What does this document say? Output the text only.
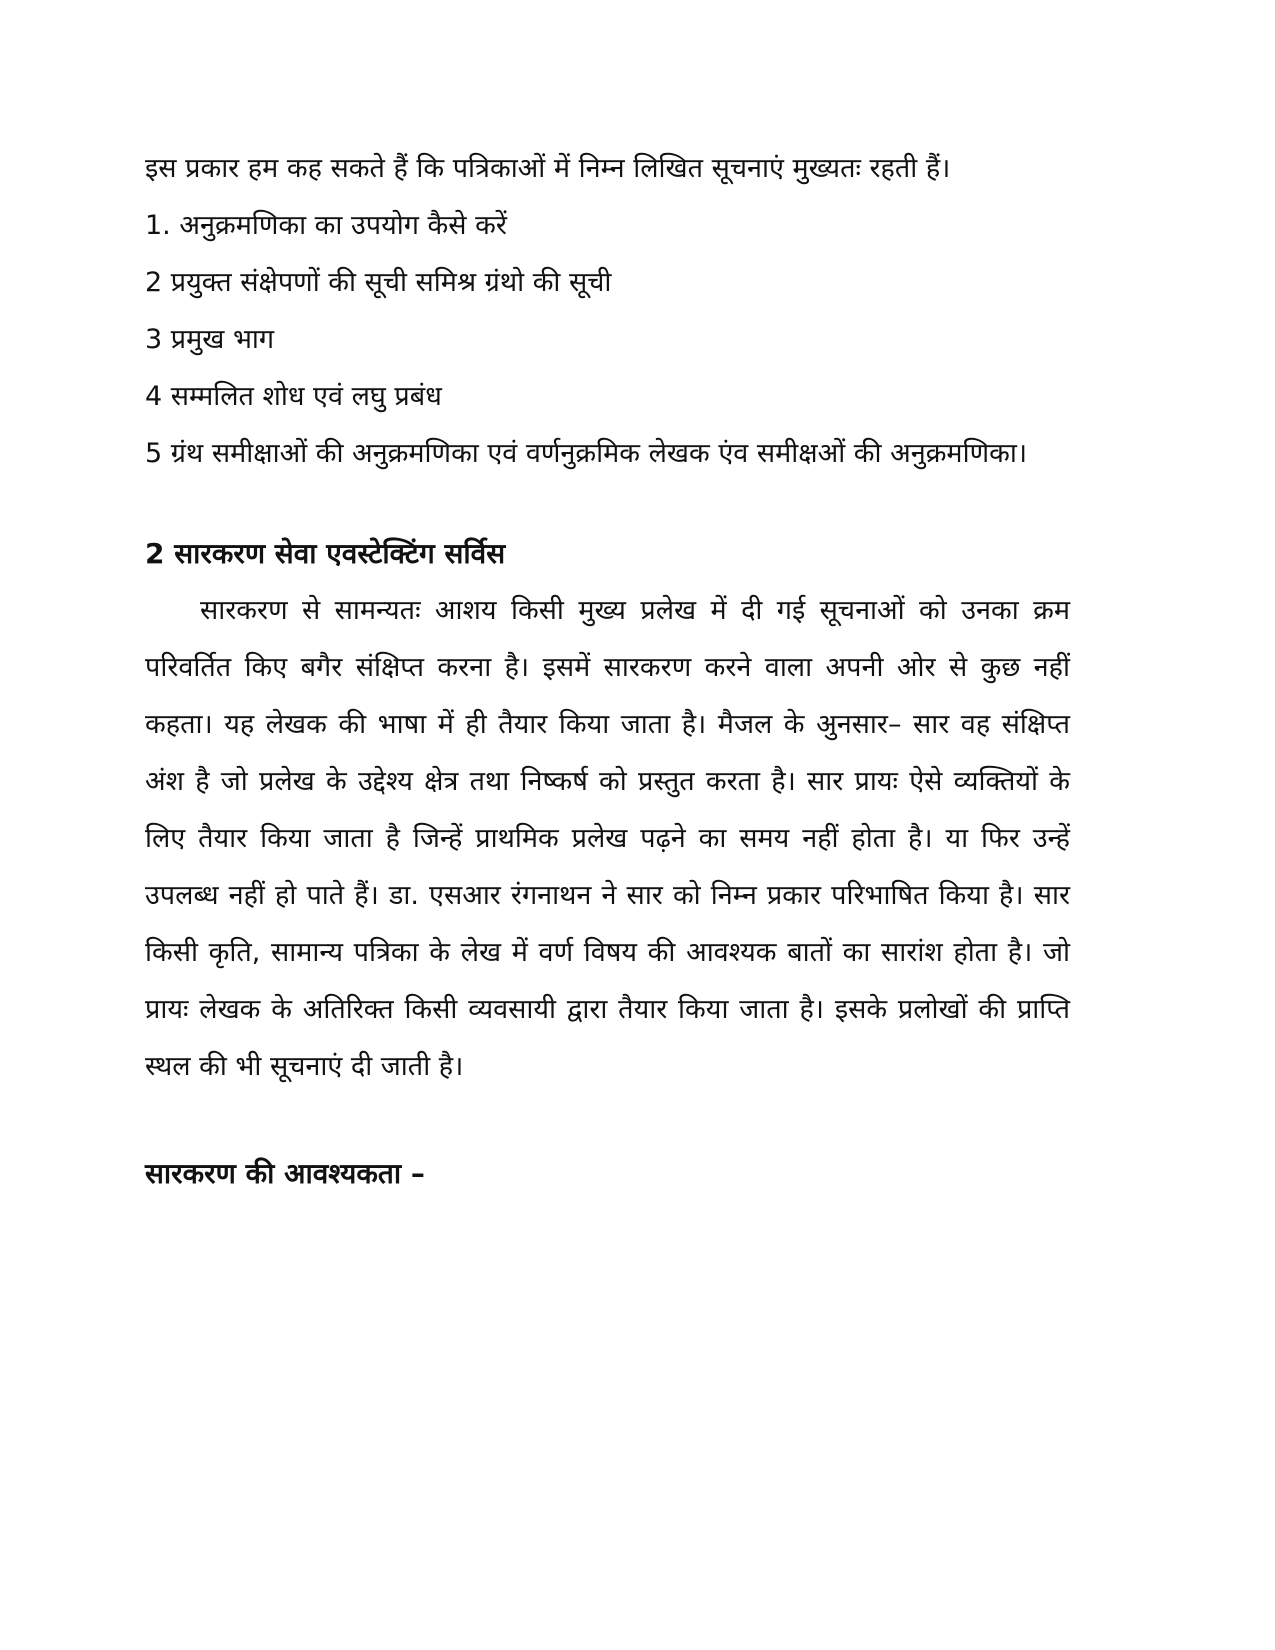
इस प्रकार हम कह सकते हैं कि पत्रिकाओं में निम्न लिखित सूचनाएं मुख्यतः रहती हैं।

1. अनुक्रमणिका का उपयोग कैसे करें

2 प्रयुक्त संक्षेपणों की सूची समिश्र ग्रंथो की सूची

3 प्रमुख भाग

4 सम्मलित शोध एवं लघु प्रबंध

5 ग्रंथ समीक्षाओं की अनुक्रमणिका एवं वर्णनुक्रमिक लेखक एंव समीक्षओं की अनुक्रमणिका।

2 सारकरण सेवा एवस्टेक्टिंग सर्विस

सारकरण से सामन्यतः आशय किसी मुख्य प्रलेख में दी गई सूचनाओं को उनका क्रम परिवर्तित किए बगैर संक्षिप्त करना है। इसमें सारकरण करने वाला अपनी ओर से कुछ नहीं कहता। यह लेखक की भाषा में ही तैयार किया जाता है। मैजल के अुनसार– सार वह संक्षिप्त अंश है जो प्रलेख के उद्देश्य क्षेत्र तथा निष्कर्ष को प्रस्तुत करता है। सार प्रायः ऐसे व्यक्तियों के लिए तैयार किया जाता है जिन्हें प्राथमिक प्रलेख पढ़ने का समय नहीं होता है। या फिर उन्हें उपलब्ध नहीं हो पाते हैं। डा. एसआर रंगनाथन ने सार को निम्न प्रकार परिभाषित किया है। सार किसी कृति, सामान्य पत्रिका के लेख में वर्ण विषय की आवश्यक बातों का सारांश होता है। जो प्रायः लेखक के अतिरिक्त किसी व्यवसायी द्वारा तैयार किया जाता है। इसके प्रलोखों की प्राप्ति स्थल की भी सूचनाएं दी जाती है।

सारकरण की आवश्यकता –
